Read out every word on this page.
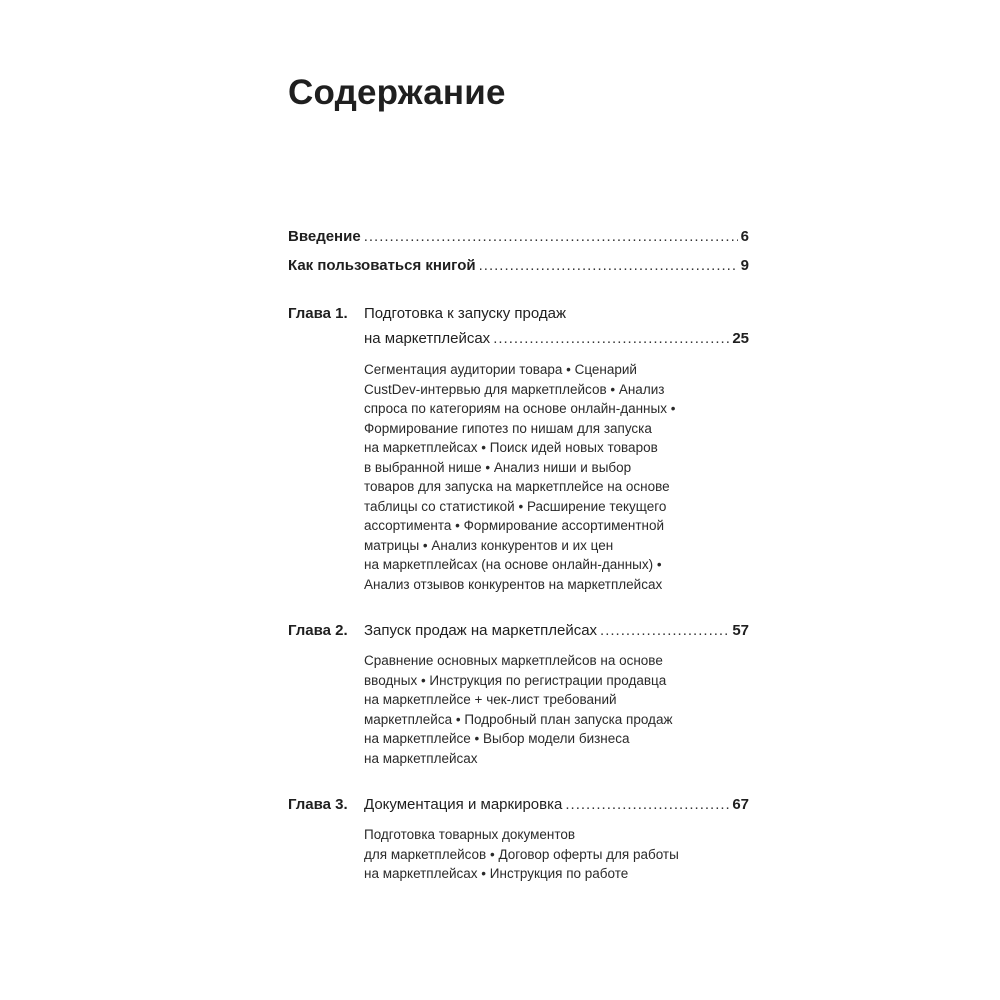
Содержание
Введение .....	6
Как пользоваться книгой .....	9
Глава 1. Подготовка к запуску продаж
на маркетплейсах .....	25
Сегментация аудитории товара • Сценарий
CustDev-интервью для маркетплейсов • Анализ
спроса по категориям на основе онлайн-данных •
Формирование гипотез по нишам для запуска
на маркетплейсах • Поиск идей новых товаров
в выбранной нише • Анализ ниши и выбор
товаров для запуска на маркетплейсе на основе
таблицы со статистикой • Расширение текущего
ассортимента • Формирование ассортиментной
матрицы • Анализ конкурентов и их цен
на маркетплейсах (на основе онлайн-данных) •
Анализ отзывов конкурентов на маркетплейсах
Глава 2. Запуск продаж на маркетплейсах .....	57
Сравнение основных маркетплейсов на основе
вводных • Инструкция по регистрации продавца
на маркетплейсе + чек-лист требований
маркетплейса • Подробный план запуска продаж
на маркетплейсе • Выбор модели бизнеса
на маркетплейсах
Глава 3. Документация и маркировка .....	67
Подготовка товарных документов
для маркетплейсов • Договор оферты для работы
на маркетплейсах • Инструкция по работе
